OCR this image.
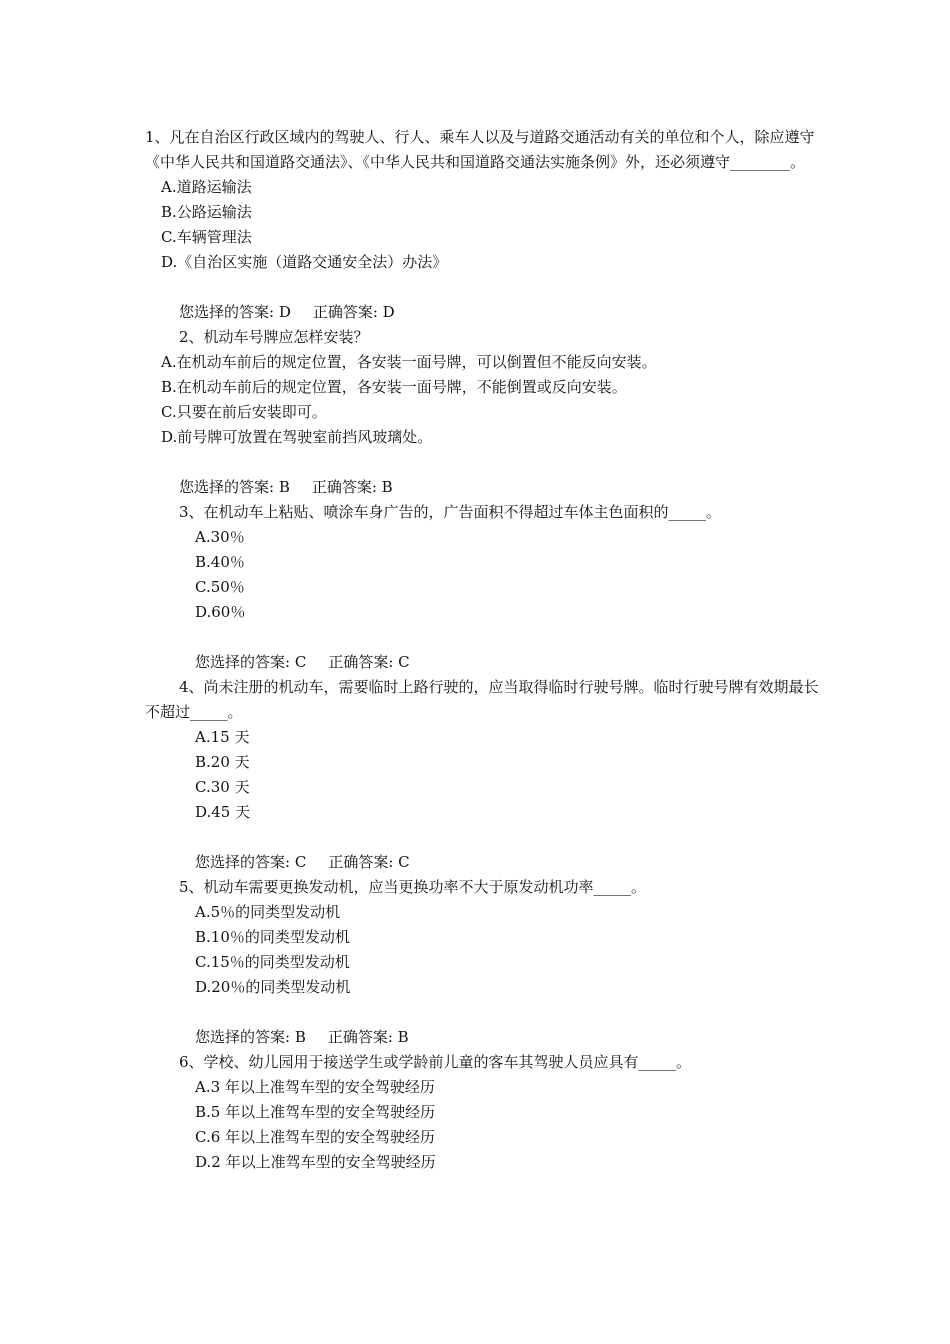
1、凡在自治区行政区域内的驾驶人、行人、乘车人以及与道路交通活动有关的单位和个人，除应遵守《中华人民共和国道路交通法》、《中华人民共和国道路交通法实施条例》外，还必须遵守________。
A.道路运输法
B.公路运输法
C.车辆管理法
D.《自治区实施（道路交通安全法）办法》
您选择的答案: D 正确答案: D
2、机动车号牌应怎样安装？
A.在机动车前后的规定位置，各安装一面号牌，可以倒置但不能反向安装。
B.在机动车前后的规定位置，各安装一面号牌，不能倒置或反向安装。
C.只要在前后安装即可。
D.前号牌可放置在驾驶室前挡风玻璃处。
您选择的答案: B 正确答案: B
3、在机动车上粘贴、喷涂车身广告的，广告面积不得超过车体主色面积的_____。
A.30％
B.40％
C.50％
D.60％
您选择的答案: C 正确答案: C
4、尚未注册的机动车，需要临时上路行驶的，应当取得临时行驶号牌。临时行驶号牌有效期最长不超过_____。
A.15 天
B.20 天
C.30 天
D.45 天
您选择的答案: C 正确答案: C
5、机动车需要更换发动机，应当更换功率不大于原发动机功率_____。
A.5％的同类型发动机
B.10％的同类型发动机
C.15％的同类型发动机
D.20％的同类型发动机
您选择的答案: B 正确答案: B
6、学校、幼儿园用于接送学生或学龄前儿童的客车其驾驶人员应具有_____。
A.3 年以上准驾车型的安全驾驶经历
B.5 年以上准驾车型的安全驾驶经历
C.6 年以上准驾车型的安全驾驶经历
D.2 年以上准驾车型的安全驾驶经历
